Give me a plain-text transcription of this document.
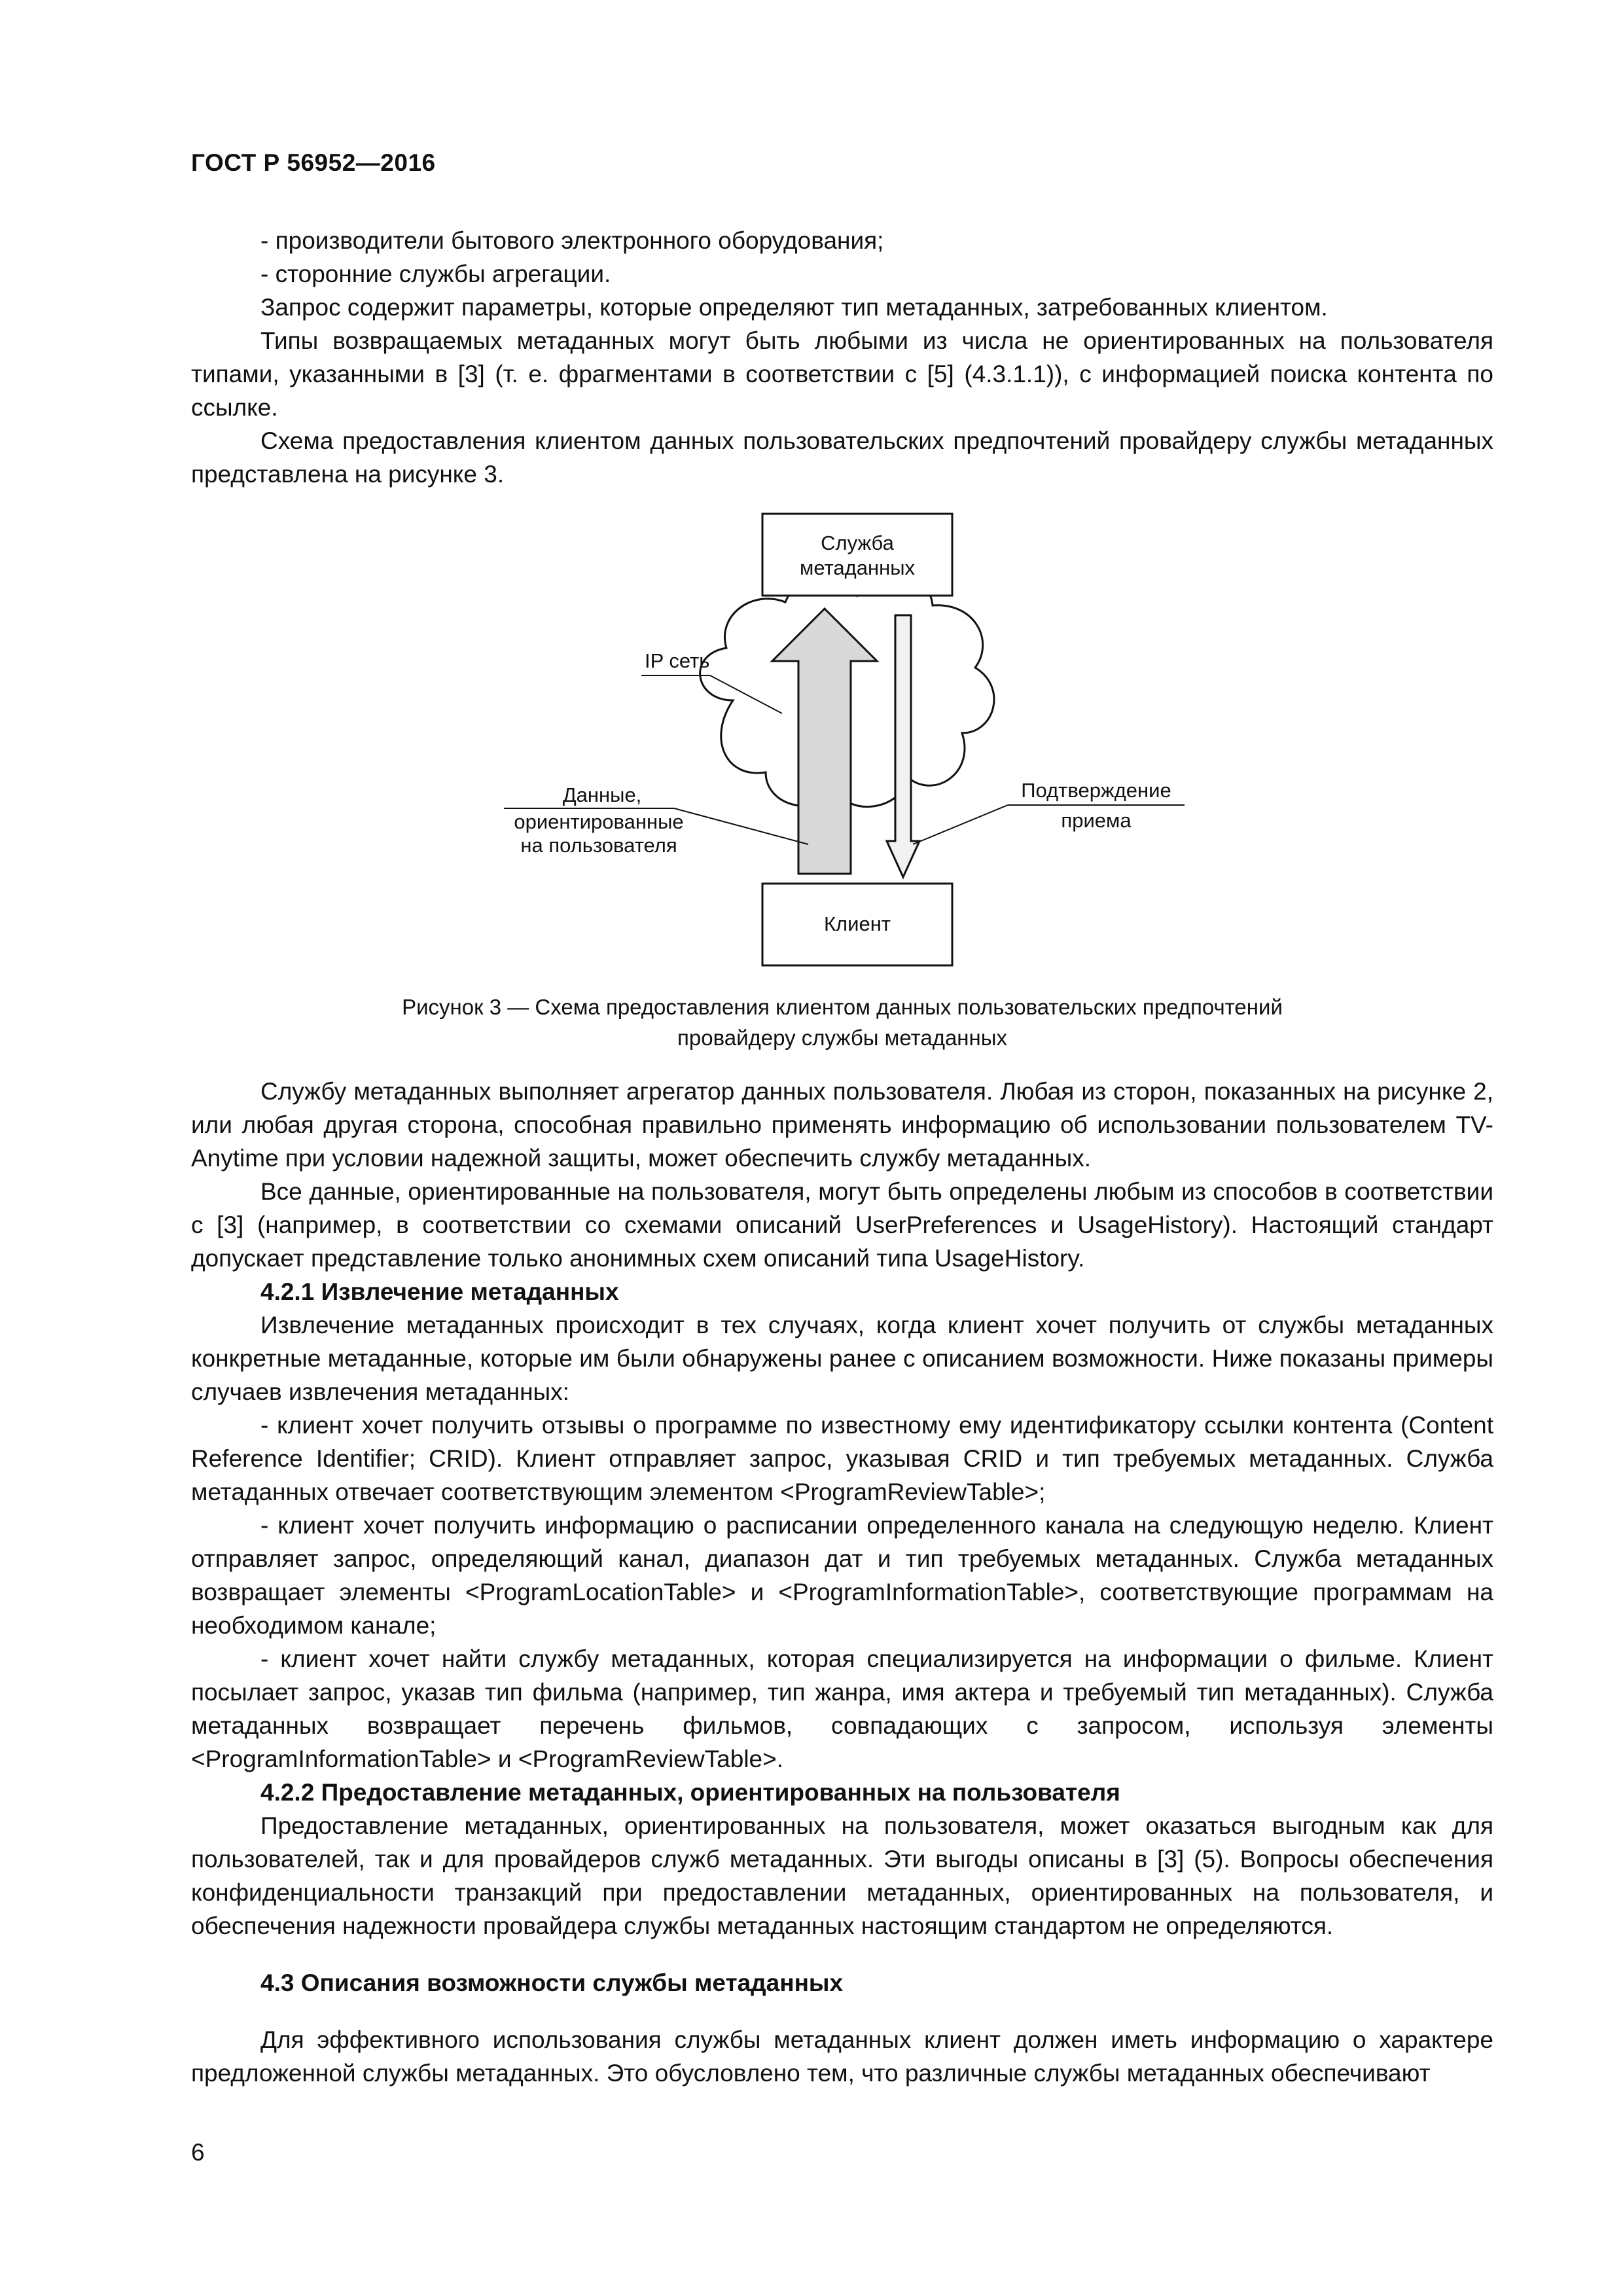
ГОСТ Р 56952—2016

- производители бытового электронного оборудования;

- сторонние службы агрегации.

Запрос содержит параметры, которые определяют тип метаданных, затребованных клиентом.

Типы возвращаемых метаданных могут быть любыми из числа не ориентированных на пользователя типами, указанными в [3] (т. е. фрагментами в соответствии с [5] (4.3.1.1)), с информацией поиска контента по ссылке.

Схема предоставления клиентом данных пользовательских предпочтений провайдеру службы метаданных представлена на рисунке 3.

Служба
метаданных
Клиент
IP сеть
Данные,
ориентированные
на пользователя
Подтверждение
приема
Рисунок 3 — Схема предоставления клиентом данных пользовательских предпочтений
провайдеру службы метаданных

Службу метаданных выполняет агрегатор данных пользователя. Любая из сторон, показанных на рисунке 2, или любая другая сторона, способная правильно применять информацию об использовании пользователем TV-Anytime при условии надежной защиты, может обеспечить службу метаданных.

Все данные, ориентированные на пользователя, могут быть определены любым из способов в соответствии с [3] (например, в соответствии со схемами описаний UserPreferences и UsageHistory). Настоящий стандарт допускает представление только анонимных схем описаний типа UsageHistory.

4.2.1 Извлечение метаданных

Извлечение метаданных происходит в тех случаях, когда клиент хочет получить от службы метаданных конкретные метаданные, которые им были обнаружены ранее с описанием возможности. Ниже показаны примеры случаев извлечения метаданных:

- клиент хочет получить отзывы о программе по известному ему идентификатору ссылки контента (Content Reference Identifier; CRID). Клиент отправляет запрос, указывая CRID и тип требуемых метаданных. Служба метаданных отвечает соответствующим элементом <ProgramReviewTable>;

- клиент хочет получить информацию о расписании определенного канала на следующую неделю. Клиент отправляет запрос, определяющий канал, диапазон дат и тип требуемых метаданных. Служба метаданных возвращает элементы <ProgramLocationTable> и <ProgramInformationTable>, соответствующие программам на необходимом канале;

- клиент хочет найти службу метаданных, которая специализируется на информации о фильме. Клиент посылает запрос, указав тип фильма (например, тип жанра, имя актера и требуемый тип метаданных). Служба метаданных возвращает перечень фильмов, совпадающих с запросом, используя элементы <ProgramInformationTable> и <ProgramReviewTable>.

4.2.2 Предоставление метаданных, ориентированных на пользователя

Предоставление метаданных, ориентированных на пользователя, может оказаться выгодным как для пользователей, так и для провайдеров служб метаданных. Эти выгоды описаны в [3] (5). Вопросы обеспечения конфиденциальности транзакций при предоставлении метаданных, ориентированных на пользователя, и обеспечения надежности провайдера службы метаданных настоящим стандартом не определяются.

4.3 Описания возможности службы метаданных

Для эффективного использования службы метаданных клиент должен иметь информацию о характере предложенной службы метаданных. Это обусловлено тем, что различные службы метаданных обеспечивают

6
